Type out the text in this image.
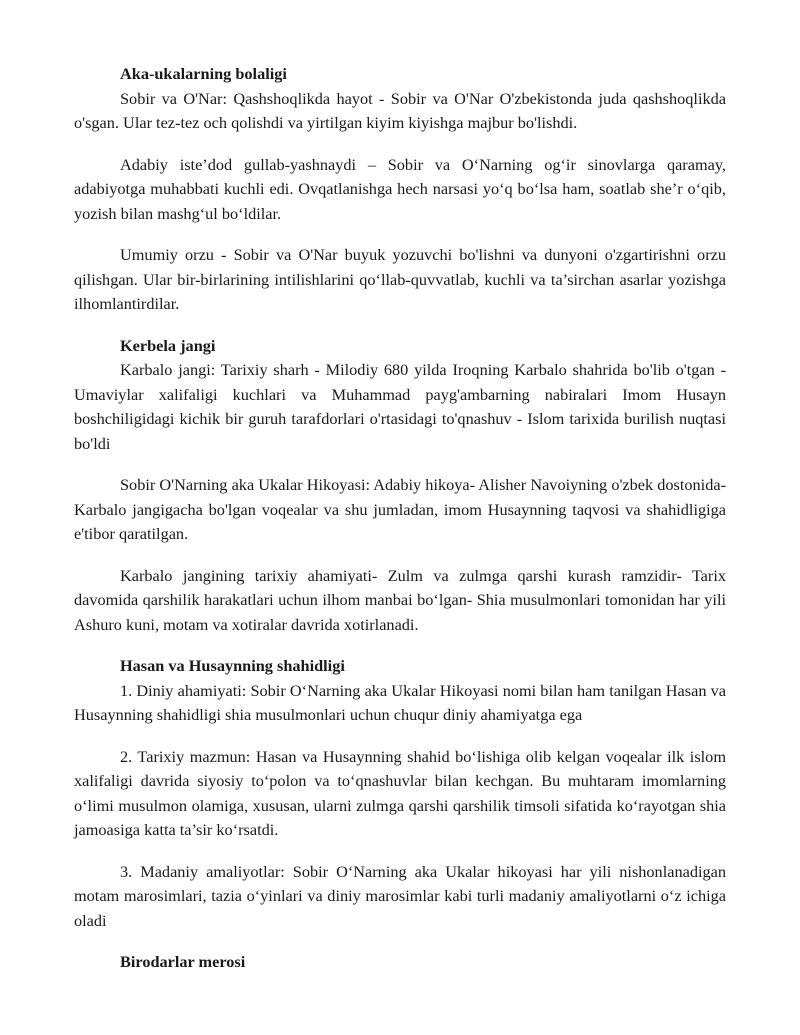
Aka-ukalarning bolaligi

Sobir va O'Nar: Qashshoqlikda hayot - Sobir va O'Nar O'zbekistonda juda qashshoqlikda o'sgan. Ular tez-tez och qolishdi va yirtilgan kiyim kiyishga majbur bo'lishdi.

Adabiy iste’dod gullab-yashnaydi – Sobir va O‘Narning og‘ir sinovlarga qaramay, adabiyotga muhabbati kuchli edi. Ovqatlanishga hech narsasi yo‘q bo‘lsa ham, soatlab she’r o‘qib, yozish bilan mashg‘ul bo‘ldilar.

Umumiy orzu - Sobir va O'Nar buyuk yozuvchi bo'lishni va dunyoni o'zgartirishni orzu qilishgan. Ular bir-birlarining intilishlarini qo‘llab-quvvatlab, kuchli va ta’sirchan asarlar yozishga ilhomlantirdilar.

Kerbela jangi

Karbalo jangi: Tarixiy sharh - Milodiy 680 yilda Iroqning Karbalo shahrida bo'lib o'tgan - Umaviylar xalifaligi kuchlari va Muhammad payg'ambarning nabiralari Imom Husayn boshchiligidagi kichik bir guruh tarafdorlari o'rtasidagi to'qnashuv - Islom tarixida burilish nuqtasi bo'ldi

Sobir O'Narning aka Ukalar Hikoyasi: Adabiy hikoya- Alisher Navoiyning o'zbek dostonida- Karbalo jangigacha bo'lgan voqealar va shu jumladan, imom Husaynning taqvosi va shahidligiga e'tibor qaratilgan.

Karbalo jangining tarixiy ahamiyati- Zulm va zulmga qarshi kurash ramzidir- Tarix davomida qarshilik harakatlari uchun ilhom manbai bo‘lgan- Shia musulmonlari tomonidan har yili Ashuro kuni, motam va xotiralar davrida xotirlanadi.

Hasan va Husaynning shahidligi

1. Diniy ahamiyati: Sobir O‘Narning aka Ukalar Hikoyasi nomi bilan ham tanilgan Hasan va Husaynning shahidligi shia musulmonlari uchun chuqur diniy ahamiyatga ega

2. Tarixiy mazmun: Hasan va Husaynning shahid bo‘lishiga olib kelgan voqealar ilk islom xalifaligi davrida siyosiy to‘polon va to‘qnashuvlar bilan kechgan. Bu muhtaram imomlarning o‘limi musulmon olamiga, xususan, ularni zulmga qarshi qarshilik timsoli sifatida ko‘rayotgan shia jamoasiga katta ta’sir ko‘rsatdi.

3. Madaniy amaliyotlar: Sobir O‘Narning aka Ukalar hikoyasi har yili nishonlanadigan motam marosimlari, tazia o‘yinlari va diniy marosimlar kabi turli madaniy amaliyotlarni o‘z ichiga oladi

Birodarlar merosi
